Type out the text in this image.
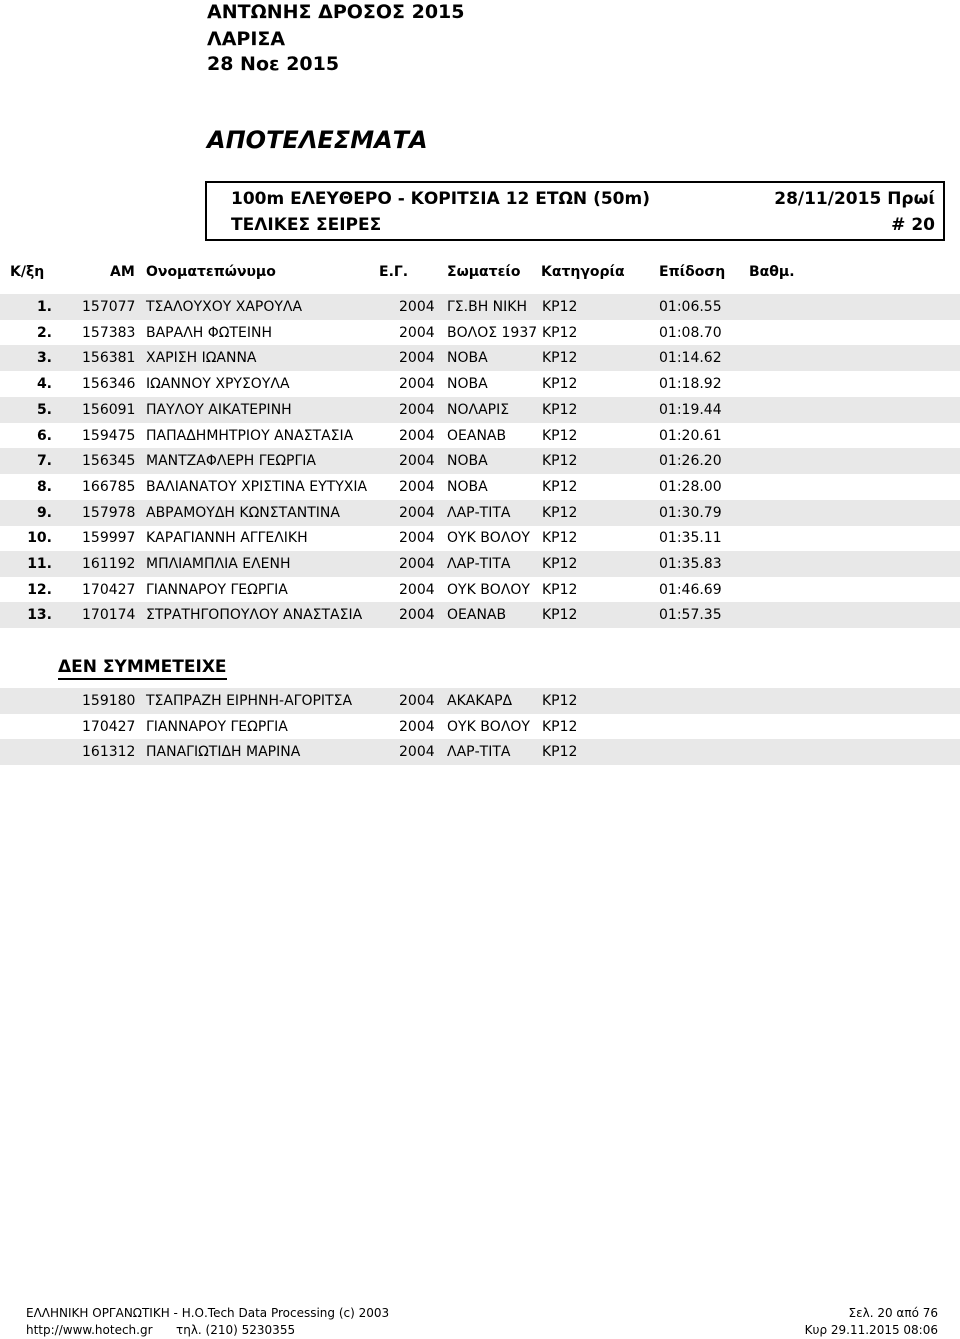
ΑΝΤΩΝΗΣ ΔΡΟΣΟΣ 2015
ΛΑΡΙΣΑ
28 Νοε 2015
ΑΠΟΤΕΛΕΣΜΑΤΑ
100m ΕΛΕΥΘΕΡΟ - ΚΟΡΙΤΣΙΑ 12 ΕΤΩΝ (50m)
ΤΕΛΙΚΕΣ ΣΕΙΡΕΣ
28/11/2015 Πρωί
# 20
Κ/ξη	ΑΜ Ονοματεπώνυμο	Ε.Γ.	Σωματείο Κατηγορία Επίδοση Βαθμ.
1. 157077 ΤΣΑΛΟΥΧΟΥ ΧΑΡΟΥΛΑ	2004 ΓΣ.ΒΗ ΝΙΚΗ ΚΡ12	01:06.55
2. 157383 ΒΑΡΑΛΗ ΦΩΤΕΙΝΗ	2004 ΒΟΛΟΣ 1937 ΚΡ12	01:08.70
3. 156381 ΧΑΡΙΣΗ ΙΩΑΝΝΑ	2004 ΝΟΒΑ	ΚΡ12	01:14.62
4. 156346 ΙΩΑΝΝΟΥ ΧΡΥΣΟΥΛΑ	2004 ΝΟΒΑ	ΚΡ12	01:18.92
5. 156091 ΠΑΥΛΟΥ ΑΙΚΑΤΕΡΙΝΗ	2004 ΝΟΛΑΡΙΣ ΚΡ12	01:19.44
6. 159475 ΠΑΠΑΔΗΜΗΤΡΙΟΥ ΑΝΑΣΤΑΣΙΑ	2004 ΟΕΑΝΑΒ	ΚΡ12	01:20.61
7. 156345 ΜΑΝΤΖΑΦΛΕΡΗ ΓΕΩΡΓΙΑ	2004 ΝΟΒΑ	ΚΡ12	01:26.20
8. 166785 ΒΑΛΙΑΝΑΤΟΥ ΧΡΙΣΤΙΝΑ ΕΥΤΥΧΙΑ 2004 ΝΟΒΑ	ΚΡ12	01:28.00
9. 157978 ΑΒΡΑΜΟΥΔΗ ΚΩΝΣΤΑΝΤΙΝΑ	2004 ΛΑΡ-ΤΙΤΑ ΚΡ12	01:30.79
10. 159997 ΚΑΡΑΓΙΑΝΝΗ ΑΓΓΕΛΙΚΗ	2004 ΟΥΚ ΒΟΛΟΥ ΚΡ12	01:35.11
11. 161192 ΜΠΛΙΑΜΠΛΙΑ ΕΛΕΝΗ	2004 ΛΑΡ-ΤΙΤΑ ΚΡ12	01:35.83
12. 170427 ΓΙΑΝΝΑΡΟΥ ΓΕΩΡΓΙΑ	2004 ΟΥΚ ΒΟΛΟΥ ΚΡ12	01:46.69
13. 170174 ΣΤΡΑΤΗΓΟΠΟΥΛΟΥ ΑΝΑΣΤΑΣΙΑ	2004 ΟΕΑΝΑΒ	ΚΡ12	01:57.35
ΔΕΝ ΣΥΜΜΕΤΕΙΧΕ
159180 ΤΣΑΠΡΑΖΗ ΕΙΡΗΝΗ-ΑΓΟΡΙΤΣΑ	2004 ΑΚΑΚΑΡΔ ΚΡ12
170427 ΓΙΑΝΝΑΡΟΥ ΓΕΩΡΓΙΑ	2004 ΟΥΚ ΒΟΛΟΥ ΚΡ12
161312 ΠΑΝΑΓΙΩΤΙΔΗ ΜΑΡΙΝΑ	2004 ΛΑΡ-ΤΙΤΑ ΚΡ12
ΕΛΛΗΝΙΚΗ ΟΡΓΑΝΩΤΙΚΗ - Η.Ο.Tech Data Processing (c) 2003
http://www.hotech.gr τηλ. (210) 5230355
Σελ. 20 από 76
Κυρ 29.11.2015 08:06
